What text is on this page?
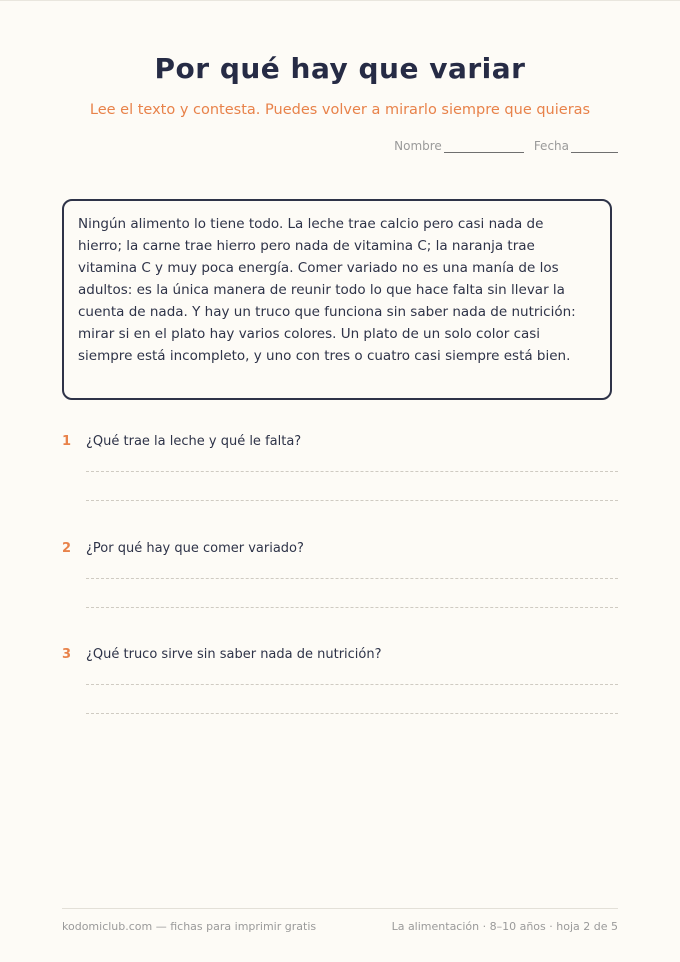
Por qué hay que variar

Lee el texto y contesta. Puedes volver a mirarlo siempre que quieras

Nombre	Fecha
Ningún alimento lo tiene todo. La leche trae calcio pero casi nada de hierro; la carne trae hierro pero nada de vitamina C; la naranja trae vitamina C y muy poca energía. Comer variado no es una manía de los adultos: es la única manera de reunir todo lo que hace falta sin llevar la cuenta de nada. Y hay un truco que funciona sin saber nada de nutrición: mirar si en el plato hay varios colores. Un plato de un solo color casi siempre está incompleto, y uno con tres o cuatro casi siempre está bien.
1	¿Qué trae la leche y qué le falta?
2	¿Por qué hay que comer variado?
3	¿Qué truco sirve sin saber nada de nutrición?
kodomiclub.com — fichas para imprimir gratis	La alimentación · 8–10 años · hoja 2 de 5
